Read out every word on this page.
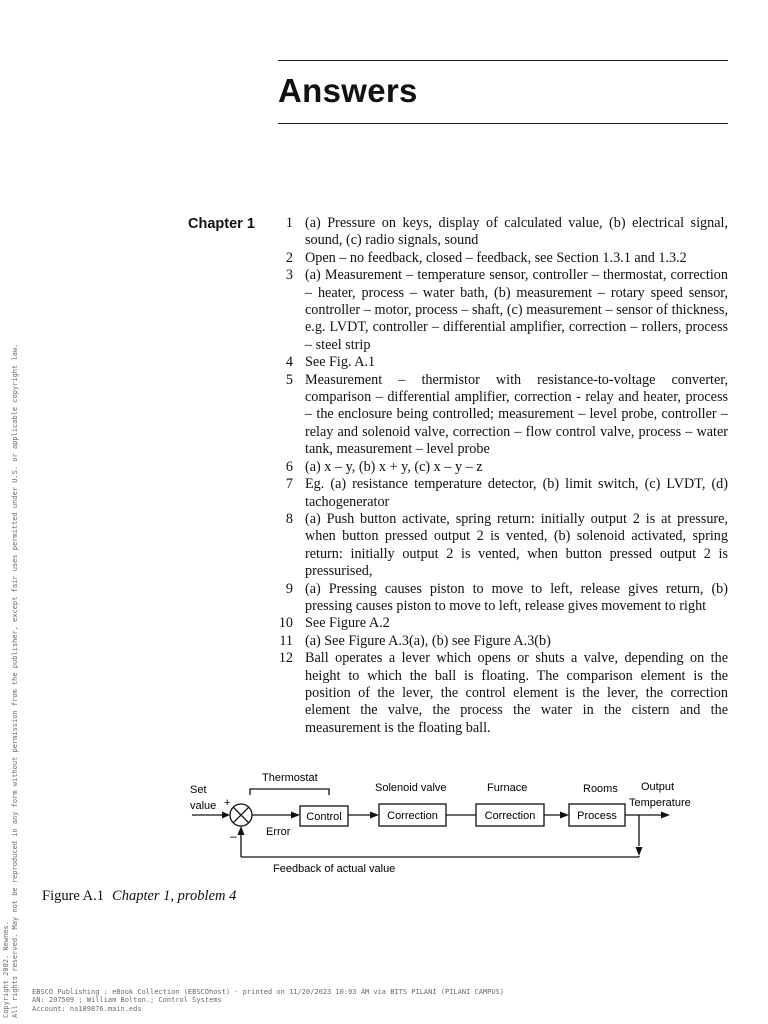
Answers
Chapter 1	1 (a) Pressure on keys, display of calculated value, (b) electrical signal, sound, (c) radio signals, sound
2 Open – no feedback, closed – feedback, see Section 1.3.1 and 1.3.2
3 (a) Measurement – temperature sensor, controller – thermostat, correction – heater, process – water bath, (b) measurement – rotary speed sensor, controller – motor, process – shaft, (c) measurement – sensor of thickness, e.g. LVDT, controller – differential amplifier, correction – rollers, process – steel strip
4 See Fig. A.1
5 Measurement – thermistor with resistance-to-voltage converter, comparison – differential amplifier, correction - relay and heater, process – the enclosure being controlled; measurement – level probe, controller – relay and solenoid valve, correction – flow control valve, process – water tank, measurement – level probe
6 (a) x – y, (b) x + y, (c) x – y – z
7 Eg. (a) resistance temperature detector, (b) limit switch, (c) LVDT, (d) tachogenerator
8 (a) Push button activate, spring return: initially output 2 is at pressure, when button pressed output 2 is vented, (b) solenoid activated, spring return: initially output 2 is vented, when button pressed output 2 is pressurised,
9 (a) Pressing causes piston to move to left, release gives return, (b) pressing causes piston to move to left, release gives movement to right
10 See Figure A.2
11 (a) See Figure A.3(a), (b) see Figure A.3(b)
12 Ball operates a lever which opens or shuts a valve, depending on the height to which the ball is floating. The comparison element is the position of the lever, the control element is the lever, the correction element the valve, the process the water in the cistern and the measurement is the floating ball.
Set
value +
–	Error
Thermostat
Solenoid valve	Furnace	Rooms Output
Temperature
Control	Correction	Correction	Process
Feedback of actual value
Figure A.1 Chapter 1, problem 4
Copyright 2002. Newnes. All rights reserved. May not be reproduced in any form without permission from the publisher, except fair uses permitted under U.S. or applicable copyright law. EBSCO Publishing : eBook Collection (EBSCOhost) - printed on 11/20/2023 10:03 AM via BITS PILANI (PILANI CAMPUS)
AN: 207509 ; William Bolton.; Control Systems
Account: ns189876.main.eds
